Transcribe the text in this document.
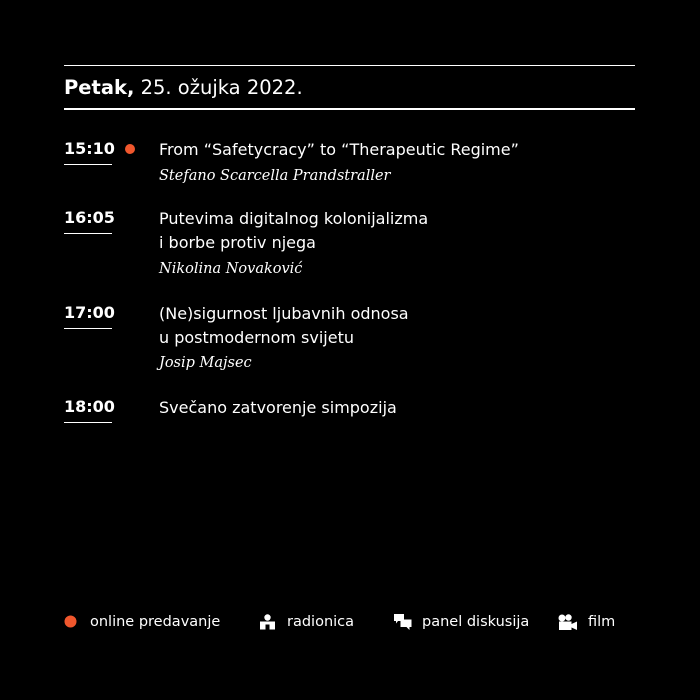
Petak, 25. ožujka 2022.
15:10	From “Safetycracy” to “Therapeutic Regime”
Stefano Scarcella Prandstraller
16:05	Putevima digitalnog kolonijalizma
i borbe protiv njega
Nikolina Novaković
17:00	(Ne)sigurnost ljubavnih odnosa
u postmodernom svijetu
Josip Majsec
18:00	Svečano zatvorenje simpozija
online predavanje	radionica	panel diskusija	film
